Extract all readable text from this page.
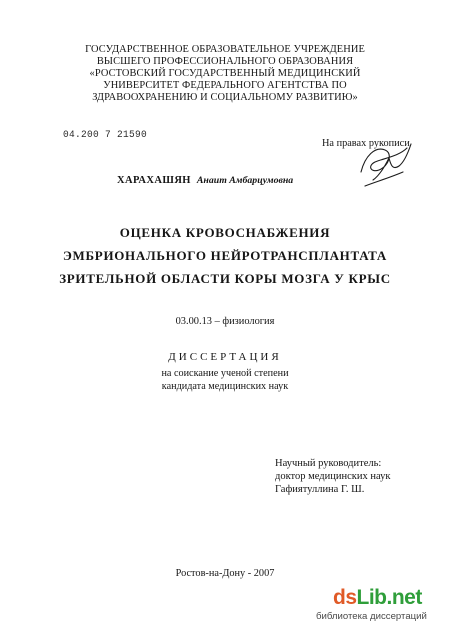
ГОСУДАРСТВЕННОЕ ОБРАЗОВАТЕЛЬНОЕ УЧРЕЖДЕНИЕ
ВЫСШЕГО ПРОФЕССИОНАЛЬНОГО ОБРАЗОВАНИЯ
«РОСТОВСКИЙ ГОСУДАРСТВЕННЫЙ МЕДИЦИНСКИЙ
УНИВЕРСИТЕТ ФЕДЕРАЛЬНОГО АГЕНТСТВА ПО
ЗДРАВООХРАНЕНИЮ И СОЦИАЛЬНОМУ РАЗВИТИЮ»
04.200 7 21590
На правах рукописи
ХАРАХАШЯН Анаит Амбарцумовна
ОЦЕНКА КРОВОСНАБЖЕНИЯ
ЭМБРИОНАЛЬНОГО НЕЙРОТРАНСПЛАНТАТА
ЗРИТЕЛЬНОЙ ОБЛАСТИ КОРЫ МОЗГА У КРЫС
03.00.13 – физиология
ДИССЕРТАЦИЯ
на соискание ученой степени
кандидата медицинских наук
Научный руководитель:
доктор медицинских наук
Гафиятуллина Г. Ш.
Ростов-на-Дону - 2007
dsLib.net
библиотека диссертаций
